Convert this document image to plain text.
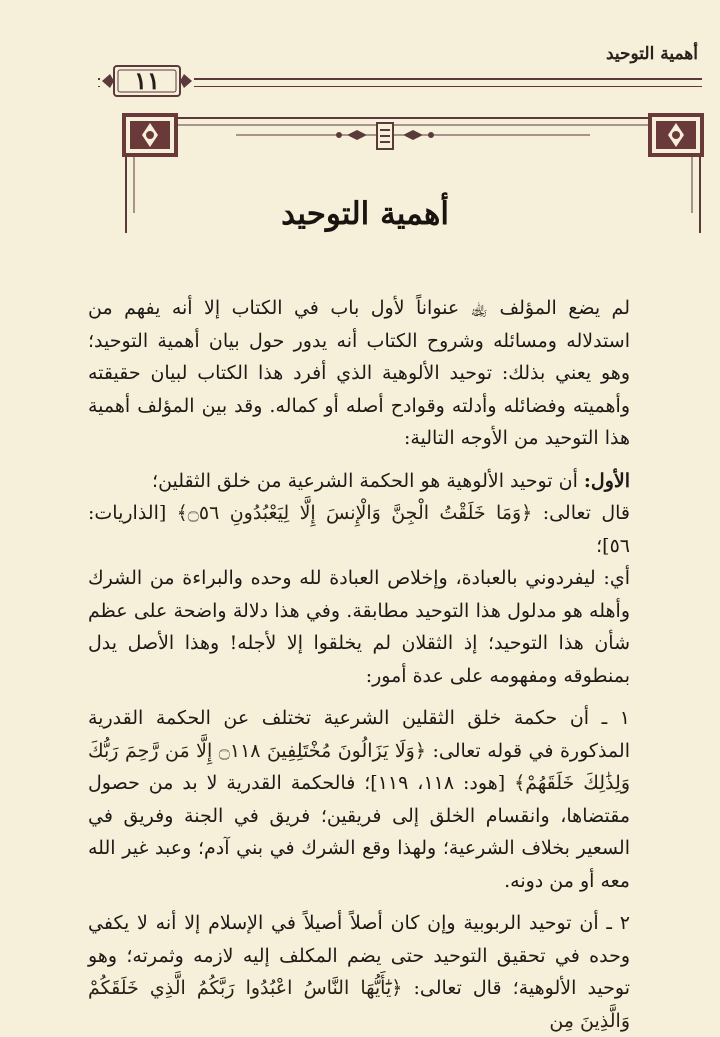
أهمية التوحيد
١١
أهمية التوحيد

لم يضع المؤلف ﵀ عنواناً لأول باب في الكتاب إلا أنه يفهم من استدلاله ومسائله وشروح الكتاب أنه يدور حول بيان أهمية التوحيد؛ وهو يعني بذلك: توحيد الألوهية الذي أفرد هذا الكتاب لبيان حقيقته وأهميته وفضائله وأدلته وقوادح أصله أو كماله. وقد بين المؤلف أهمية هذا التوحيد من الأوجه التالية:

الأول: أن توحيد الألوهية هو الحكمة الشرعية من خلق الثقلين؛

قال تعالى: ﴿وَمَا خَلَقْتُ الْجِنَّ وَالْإِنسَ إِلَّا لِيَعْبُدُونِ ۝٥٦﴾ [الذاريات: ٥٦]؛

أي: ليفردوني بالعبادة، وإخلاص العبادة لله وحده والبراءة من الشرك وأهله هو مدلول هذا التوحيد مطابقة. وفي هذا دلالة واضحة على عظم شأن هذا التوحيد؛ إذ الثقلان لم يخلقوا إلا لأجله! وهذا الأصل يدل بمنطوقه ومفهومه على عدة أمور:

١ ـ أن حكمة خلق الثقلين الشرعية تختلف عن الحكمة القدرية المذكورة في قوله تعالى: ﴿وَلَا يَزَالُونَ مُخْتَلِفِينَ ۝١١٨ إِلَّا مَن رَّحِمَ رَبُّكَ وَلِذَٰلِكَ خَلَقَهُمْ﴾ [هود: ١١٨، ١١٩]؛ فالحكمة القدرية لا بد من حصول مقتضاها، وانقسام الخلق إلى فريقين؛ فريق في الجنة وفريق في السعير بخلاف الشرعية؛ ولهذا وقع الشرك في بني آدم؛ وعبد غير الله معه أو من دونه.

٢ ـ أن توحيد الربوبية وإن كان أصلاً أصيلاً في الإسلام إلا أنه لا يكفي وحده في تحقيق التوحيد حتى يضم المكلف إليه لازمه وثمرته؛ وهو توحيد الألوهية؛ قال تعالى: ﴿يَٰٓأَيُّهَا النَّاسُ اعْبُدُوا رَبَّكُمُ الَّذِي خَلَقَكُمْ وَالَّذِينَ مِن
